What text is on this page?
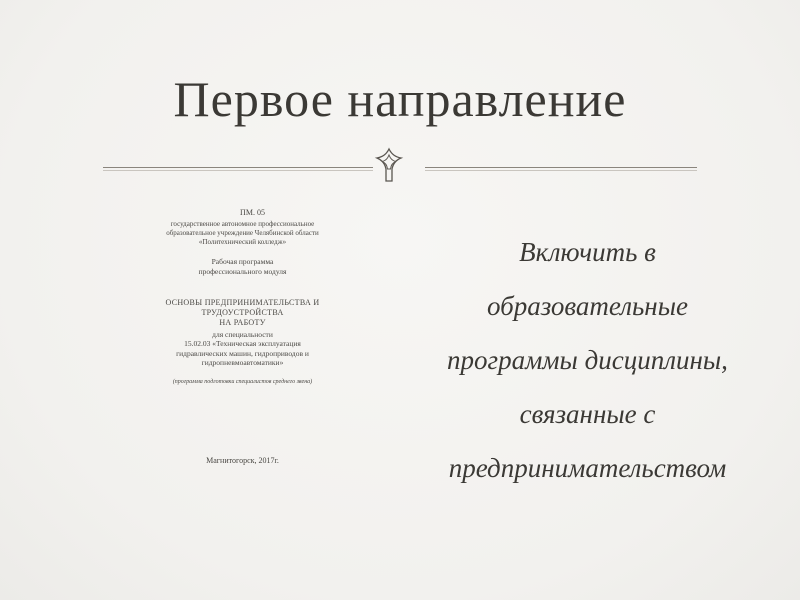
Первое направление
ПМ. 05
государственное автономное профессиональное
образовательное учреждение Челябинской области
«Политехнический колледж»
Рабочая программа
профессионального модуля
ОСНОВЫ ПРЕДПРИНИМАТЕЛЬСТВА И
ТРУДОУСТРОЙСТВА
НА РАБОТУ
для специальности
15.02.03 «Техническая эксплуатация
гидравлических машин, гидроприводов и
гидропневмоавтоматики»
(программа подготовки специалистов среднего звена)
Магнитогорск, 2017г.
Включить в
образовательные
программы дисциплины,
связанные с
предпринимательством
